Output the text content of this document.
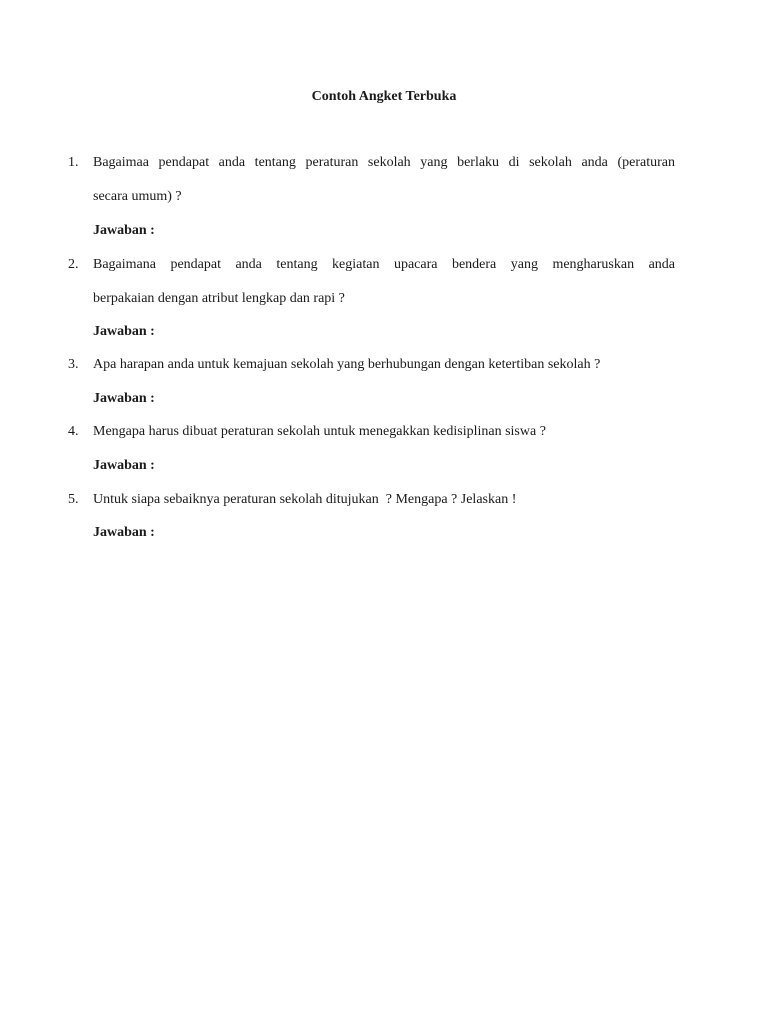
Contoh Angket Terbuka
1. Bagaimaa pendapat anda tentang peraturan sekolah yang berlaku di sekolah anda (peraturan
secara umum) ?
Jawaban :
2. Bagaimana pendapat anda tentang kegiatan upacara bendera yang mengharuskan anda
berpakaian dengan atribut lengkap dan rapi ?
Jawaban :
3. Apa harapan anda untuk kemajuan sekolah yang berhubungan dengan ketertiban sekolah ?
Jawaban :
4. Mengapa harus dibuat peraturan sekolah untuk menegakkan kedisiplinan siswa ?
Jawaban :
5. Untuk siapa sebaiknya peraturan sekolah ditujukan  ? Mengapa ? Jelaskan !
Jawaban :
